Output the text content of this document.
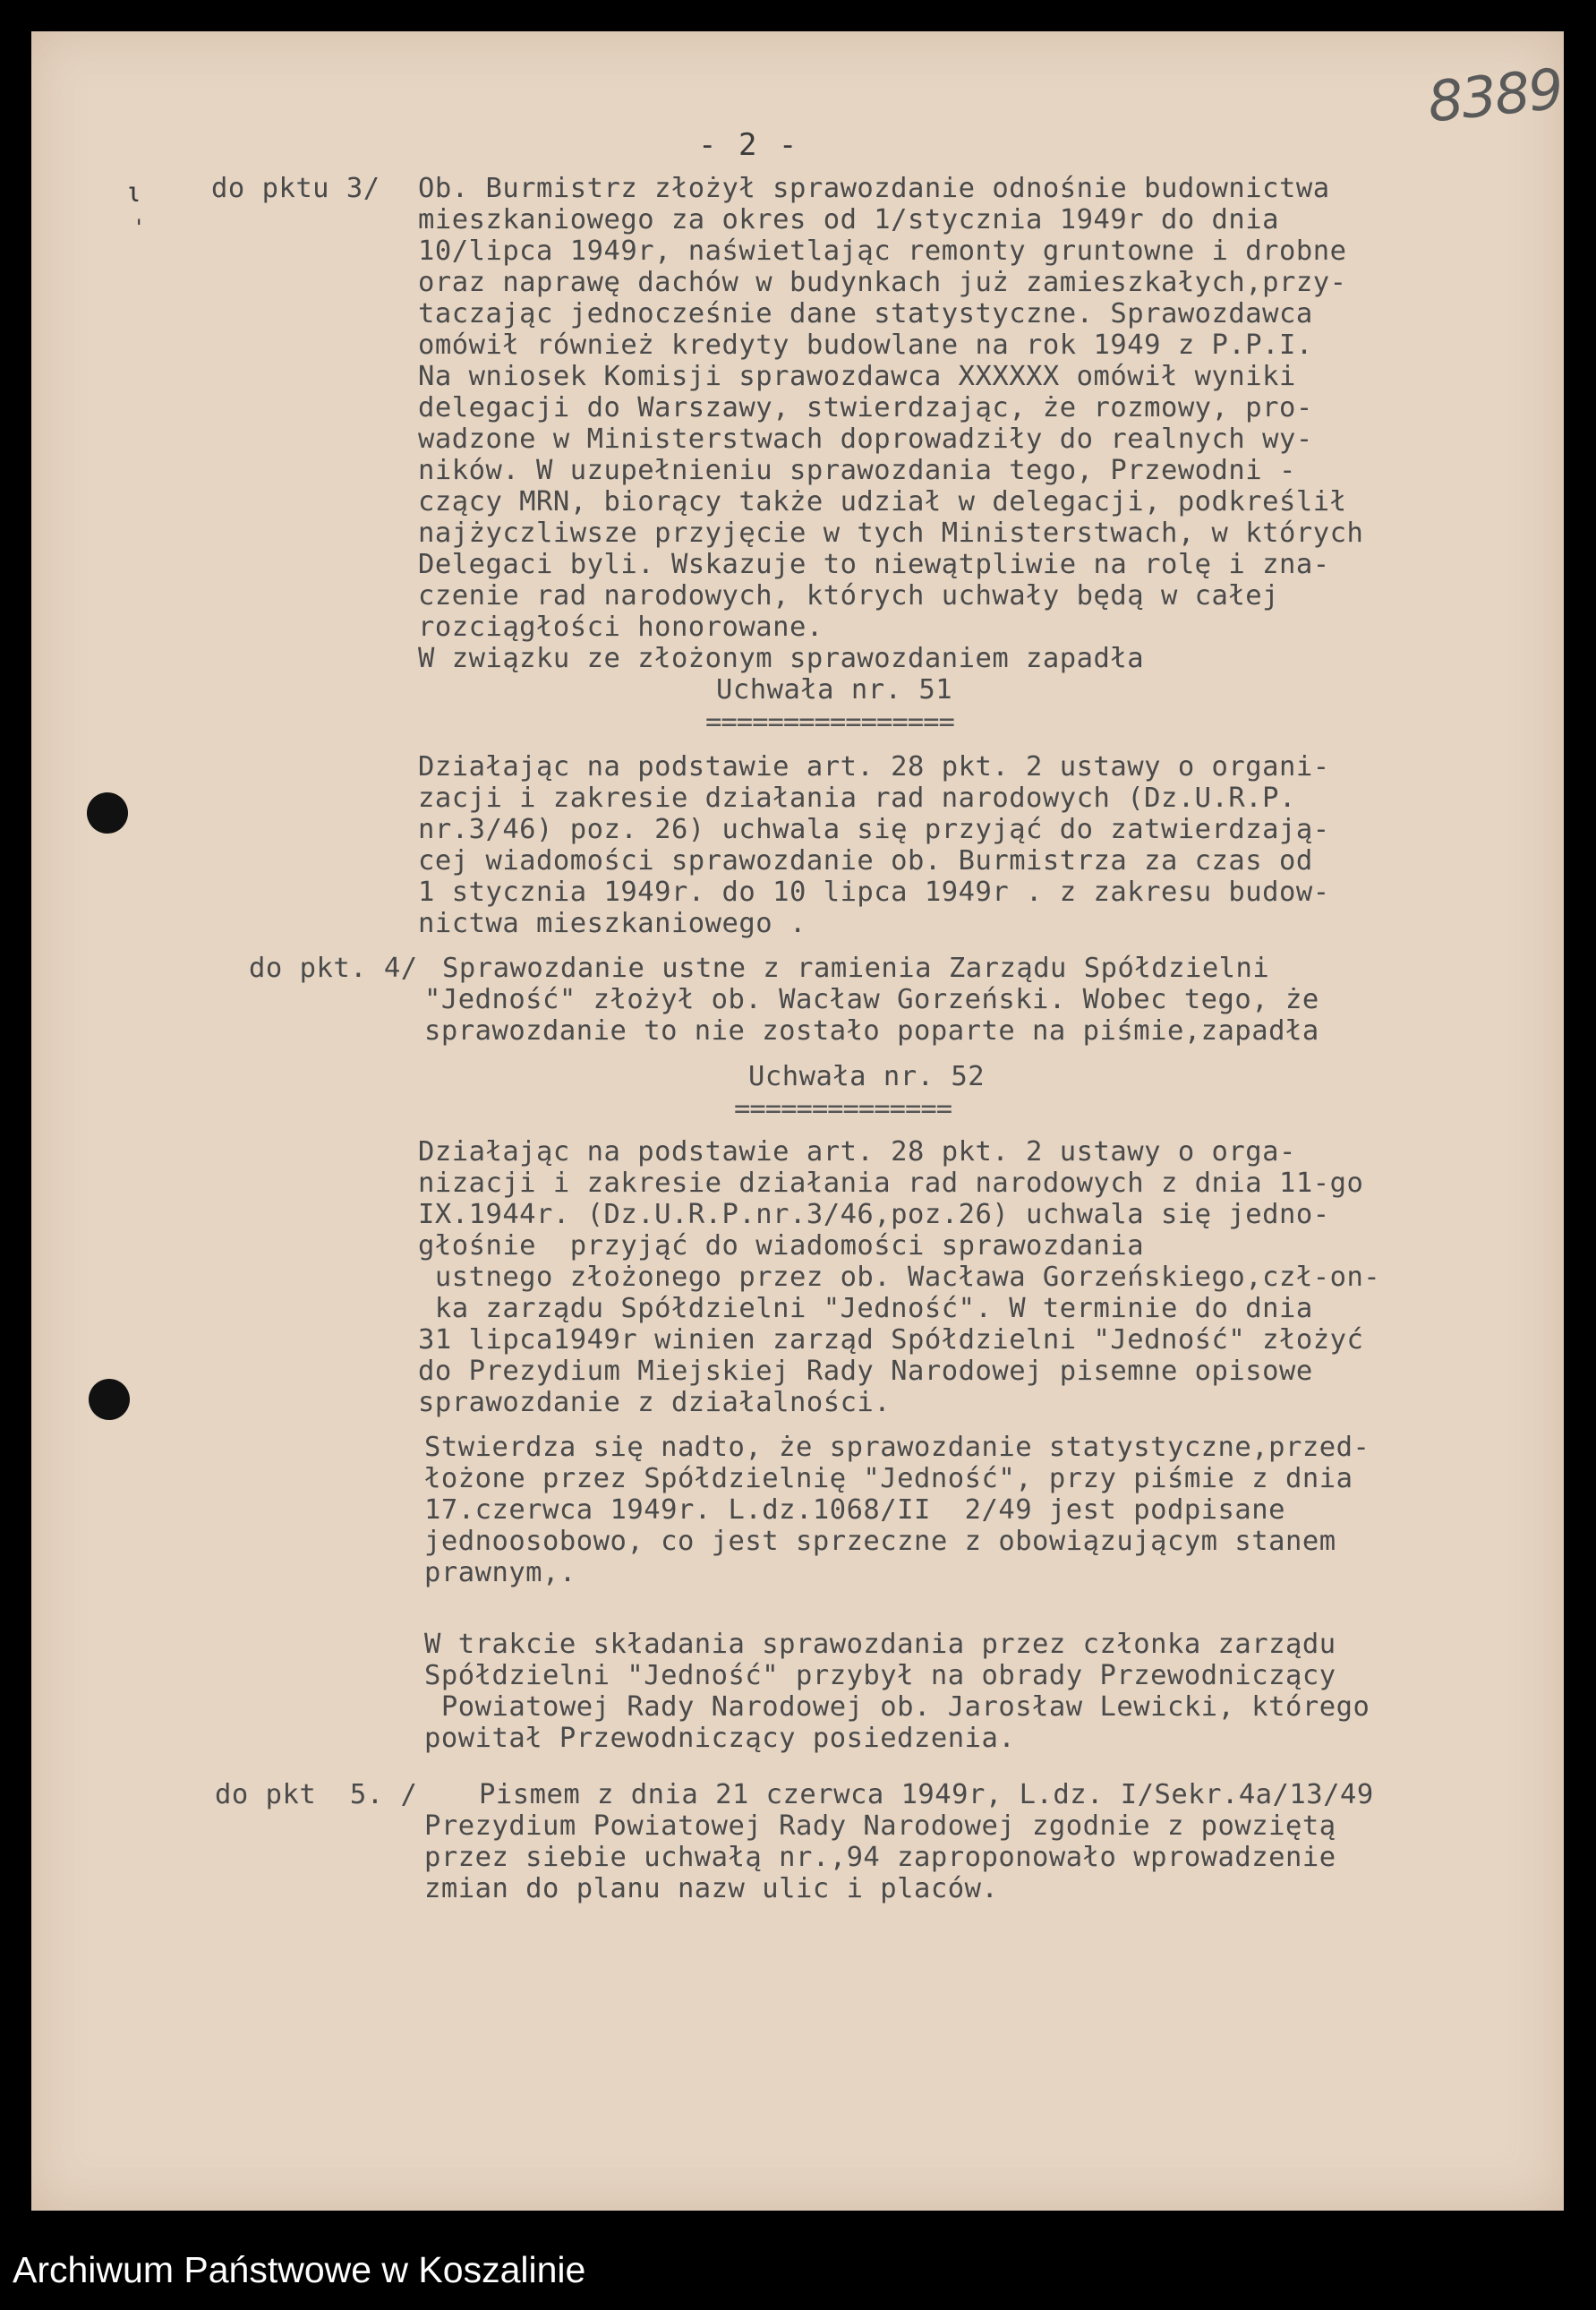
ι
'
- 2 -
8389
do pktu 3/ Ob. Burmistrz złożył sprawozdanie odnośnie budownictwa
mieszkaniowego za okres od 1/stycznia 1949r do dnia
10/lipca 1949r, naświetlając remonty gruntowne i drobne
oraz naprawę dachów w budynkach już zamieszkałych,przy-
taczając jednocześnie dane statystyczne. Sprawozdawca
omówił również kredyty budowlane na rok 1949 z P.P.I.
Na wniosek Komisji sprawozdawca XXXXXX omówił wyniki
delegacji do Warszawy, stwierdzając, że rozmowy, pro-
wadzone w Ministerstwach doprowadziły do realnych wy-
ników. W uzupełnieniu sprawozdania tego, Przewodni -
czący MRN, biorący także udział w delegacji, podkreślił
najżyczliwsze przyjęcie w tych Ministerstwach, w których
Delegaci byli. Wskazuje to niewątpliwie na rolę i zna-
czenie rad narodowych, których uchwały będą w całej
rozciągłości honorowane.
W związku ze złożonym sprawozdaniem zapadła
Uchwała nr. 51
================
Działając na podstawie art. 28 pkt. 2 ustawy o organi-
zacji i zakresie działania rad narodowych (Dz.U.R.P.
nr.3/46) poz. 26) uchwala się przyjąć do zatwierdzają-
cej wiadomości sprawozdanie ob. Burmistrza za czas od
1 stycznia 1949r. do 10 lipca 1949r . z zakresu budow-
nictwa mieszkaniowego .
do pkt. 4/ Sprawozdanie ustne z ramienia Zarządu Spółdzielni
"Jedność" złożył ob. Wacław Gorzeński. Wobec tego, że
sprawozdanie to nie zostało poparte na piśmie,zapadła
Uchwała nr. 52
==============
Działając na podstawie art. 28 pkt. 2 ustawy o orga-
nizacji i zakresie działania rad narodowych z dnia 11-go
IX.1944r. (Dz.U.R.P.nr.3/46,poz.26) uchwala się jedno-
głośnie  przyjąć do wiadomości sprawozdania
ustnego złożonego przez ob. Wacława Gorzeńskiego,czł-on-
ka zarządu Spółdzielni "Jedność". W terminie do dnia
31 lipca1949r winien zarząd Spółdzielni "Jedność" złożyć
do Prezydium Miejskiej Rady Narodowej pisemne opisowe
sprawozdanie z działalności.
Stwierdza się nadto, że sprawozdanie statystyczne,przed-
łożone przez Spółdzielnię "Jedność", przy piśmie z dnia
17.czerwca 1949r. L.dz.1068/II  2/49 jest podpisane
jednoosobowo, co jest sprzeczne z obowiązującym stanem
prawnym,.
W trakcie składania sprawozdania przez członka zarządu
Spółdzielni "Jedność" przybył na obrady Przewodniczący
Powiatowej Rady Narodowej ob. Jarosław Lewicki, którego
powitał Przewodniczący posiedzenia.
do pkt  5. / Pismem z dnia 21 czerwca 1949r, L.dz. I/Sekr.4a/13/49
Prezydium Powiatowej Rady Narodowej zgodnie z powziętą
przez siebie uchwałą nr.,94 zaproponowało wprowadzenie
zmian do planu nazw ulic i placów.
Archiwum Państwowe w Koszalinie
